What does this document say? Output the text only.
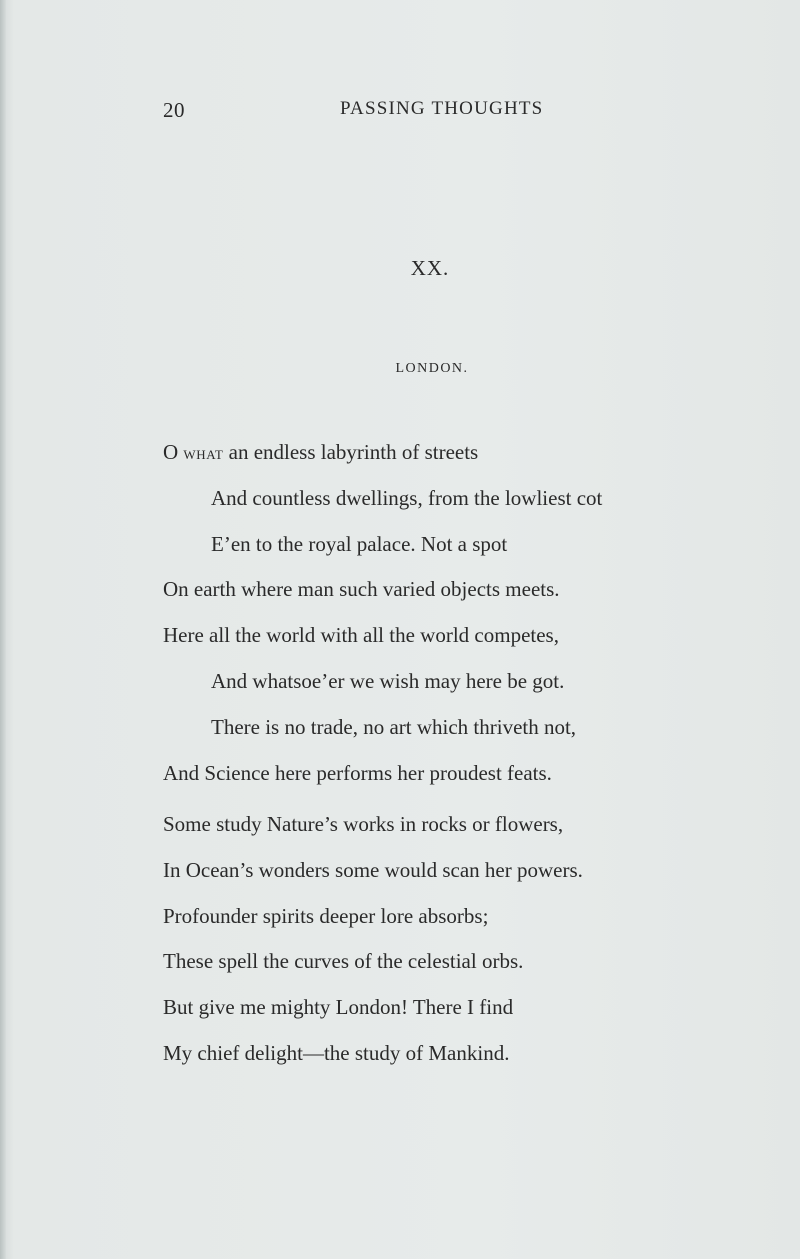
20	PASSING THOUGHTS
XX.
LONDON.
O what an endless labyrinth of streets
And countless dwellings, from the lowliest cot
E’en to the royal palace. Not a spot
On earth where man such varied objects meets.
Here all the world with all the world competes,
And whatsoe’er we wish may here be got.
There is no trade, no art which thriveth not,
And Science here performs her proudest feats.
Some study Nature’s works in rocks or flowers,
In Ocean’s wonders some would scan her powers.
Profounder spirits deeper lore absorbs;
These spell the curves of the celestial orbs.
But give me mighty London! There I find
My chief delight—the study of Mankind.
